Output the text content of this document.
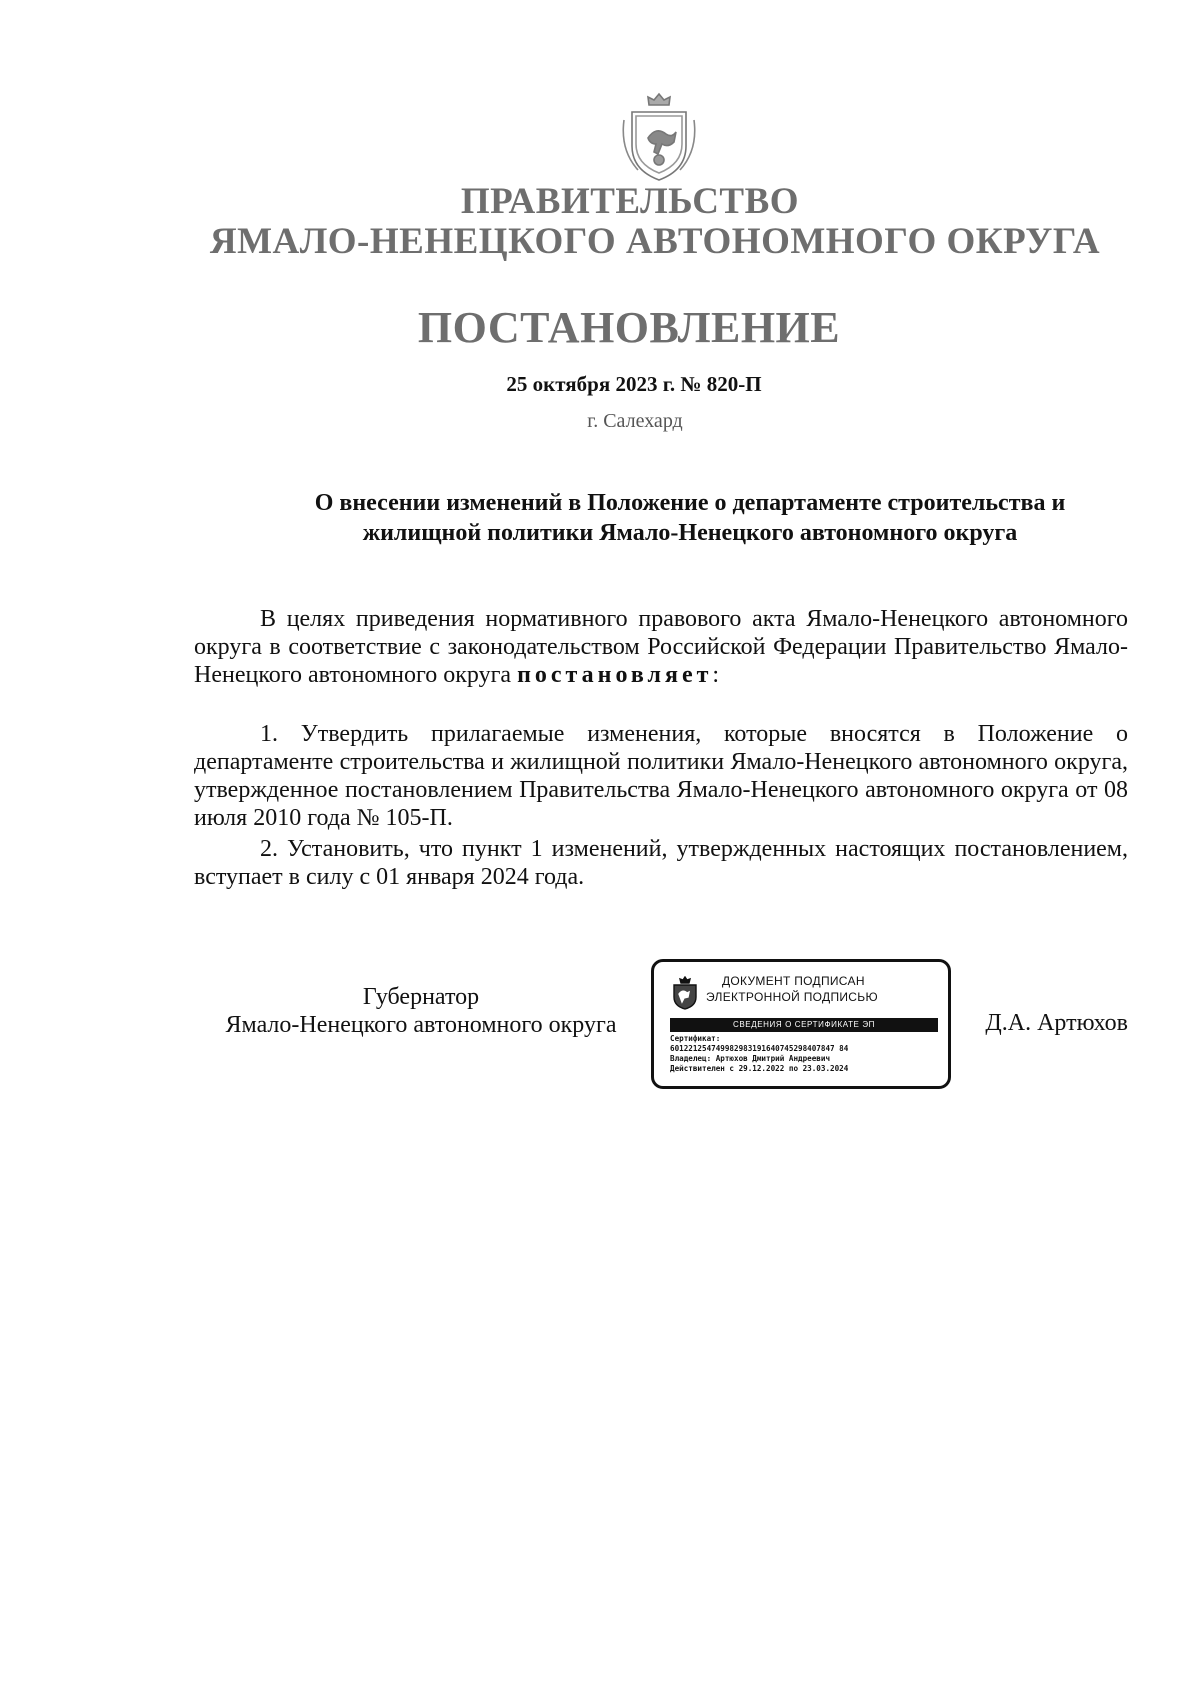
ПРАВИТЕЛЬСТВО
ЯМАЛО-НЕНЕЦКОГО АВТОНОМНОГО ОКРУГА
ПОСТАНОВЛЕНИЕ
25 октября 2023 г. № 820-П
г. Салехард
О внесении изменений в Положение о департаменте строительства и
жилищной политики Ямало-Ненецкого автономного округа
В целях приведения нормативного правового акта Ямало-Ненецкого автономного округа в соответствие с законодательством Российской Федерации Правительство Ямало-Ненецкого автономного округа постановляет:
1. Утвердить прилагаемые изменения, которые вносятся в Положение о департаменте строительства и жилищной политики Ямало-Ненецкого автономного округа, утвержденное постановлением Правительства Ямало-Ненецкого автономного округа от 08 июля 2010 года № 105-П.
2. Установить, что пункт 1 изменений, утвержденных настоящих постановлением, вступает в силу с 01 января 2024 года.
Губернатор
Ямало-Ненецкого автономного округа
ДОКУМЕНТ ПОДПИСАН
ЭЛЕКТРОННОЙ ПОДПИСЬЮ
СВЕДЕНИЯ О СЕРТИФИКАТЕ ЭП
Сертификат:
601221254749982983191640745298407847 84
Владелец: Артюхов Дмитрий Андреевич
Действителен с 29.12.2022 по 23.03.2024
Д.А. Артюхов
